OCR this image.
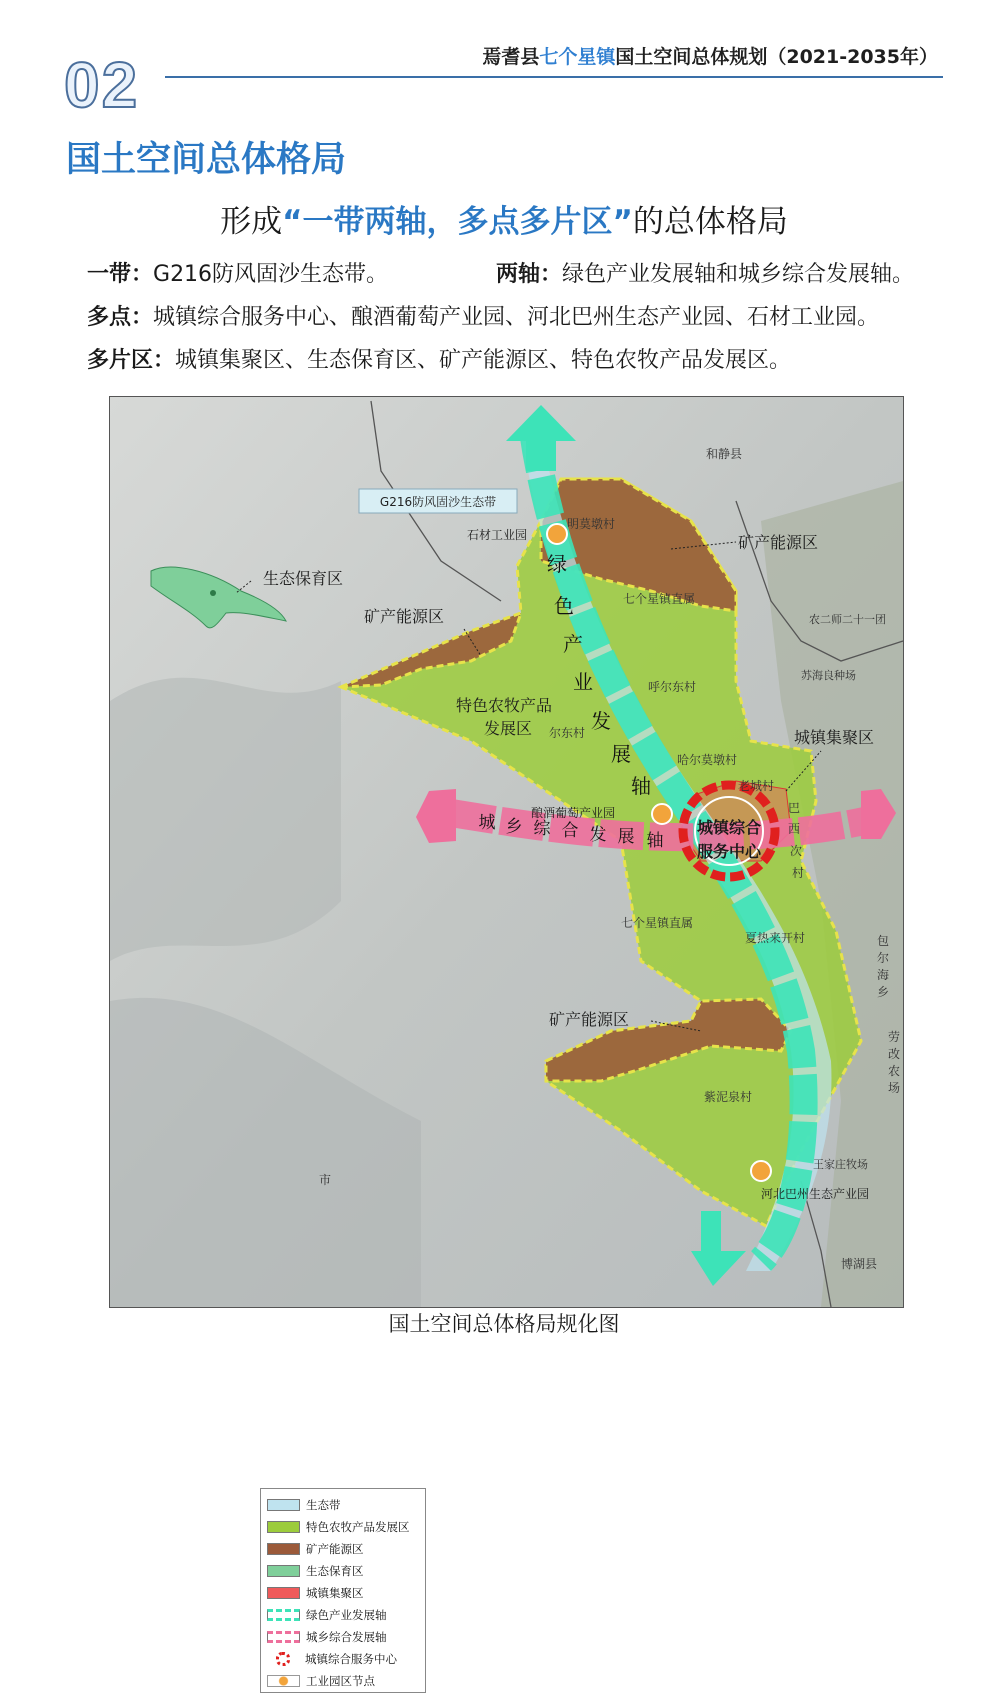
02	焉耆县七个星镇国土空间总体规划（2021-2035年）
国土空间总体格局
形成“一带两轴，多点多片区”的总体格局
一带：G216防风固沙生态带。	两轴：绿色产业发展轴和城乡综合发展轴。
多点：城镇综合服务中心、酿酒葡萄产业园、河北巴州生态产业园、石材工业园。
多片区：城镇集聚区、生态保育区、矿产能源区、特色农牧产品发展区。
G216防风固沙生态带
石材工业园
明莫墩村
矿产能源区
和静县
生态保育区
矿产能源区
七个星镇直属
农二师二十一团
呼尔东村
苏海良种场
特色农牧产品
发展区 尔东村	城镇集聚区
哈尔莫墩村
老城村
酿酒葡萄产业园
城镇综合
服务中心
七个星镇直属
夏热来开村
矿产能源区
紫泥泉村
王家庄牧场
河北巴州生态产业园
博湖县
市
绿
色
产
业
发
展
轴
城 乡 综 合 发 展 轴
巴
西
次
村
包
尔
海
乡
劳
改
农
场
生态带
特色农牧产品发展区
矿产能源区
生态保育区
城镇集聚区
绿色产业发展轴
城乡综合发展轴
城镇综合服务中心
工业园区节点
国土空间总体格局规化图
